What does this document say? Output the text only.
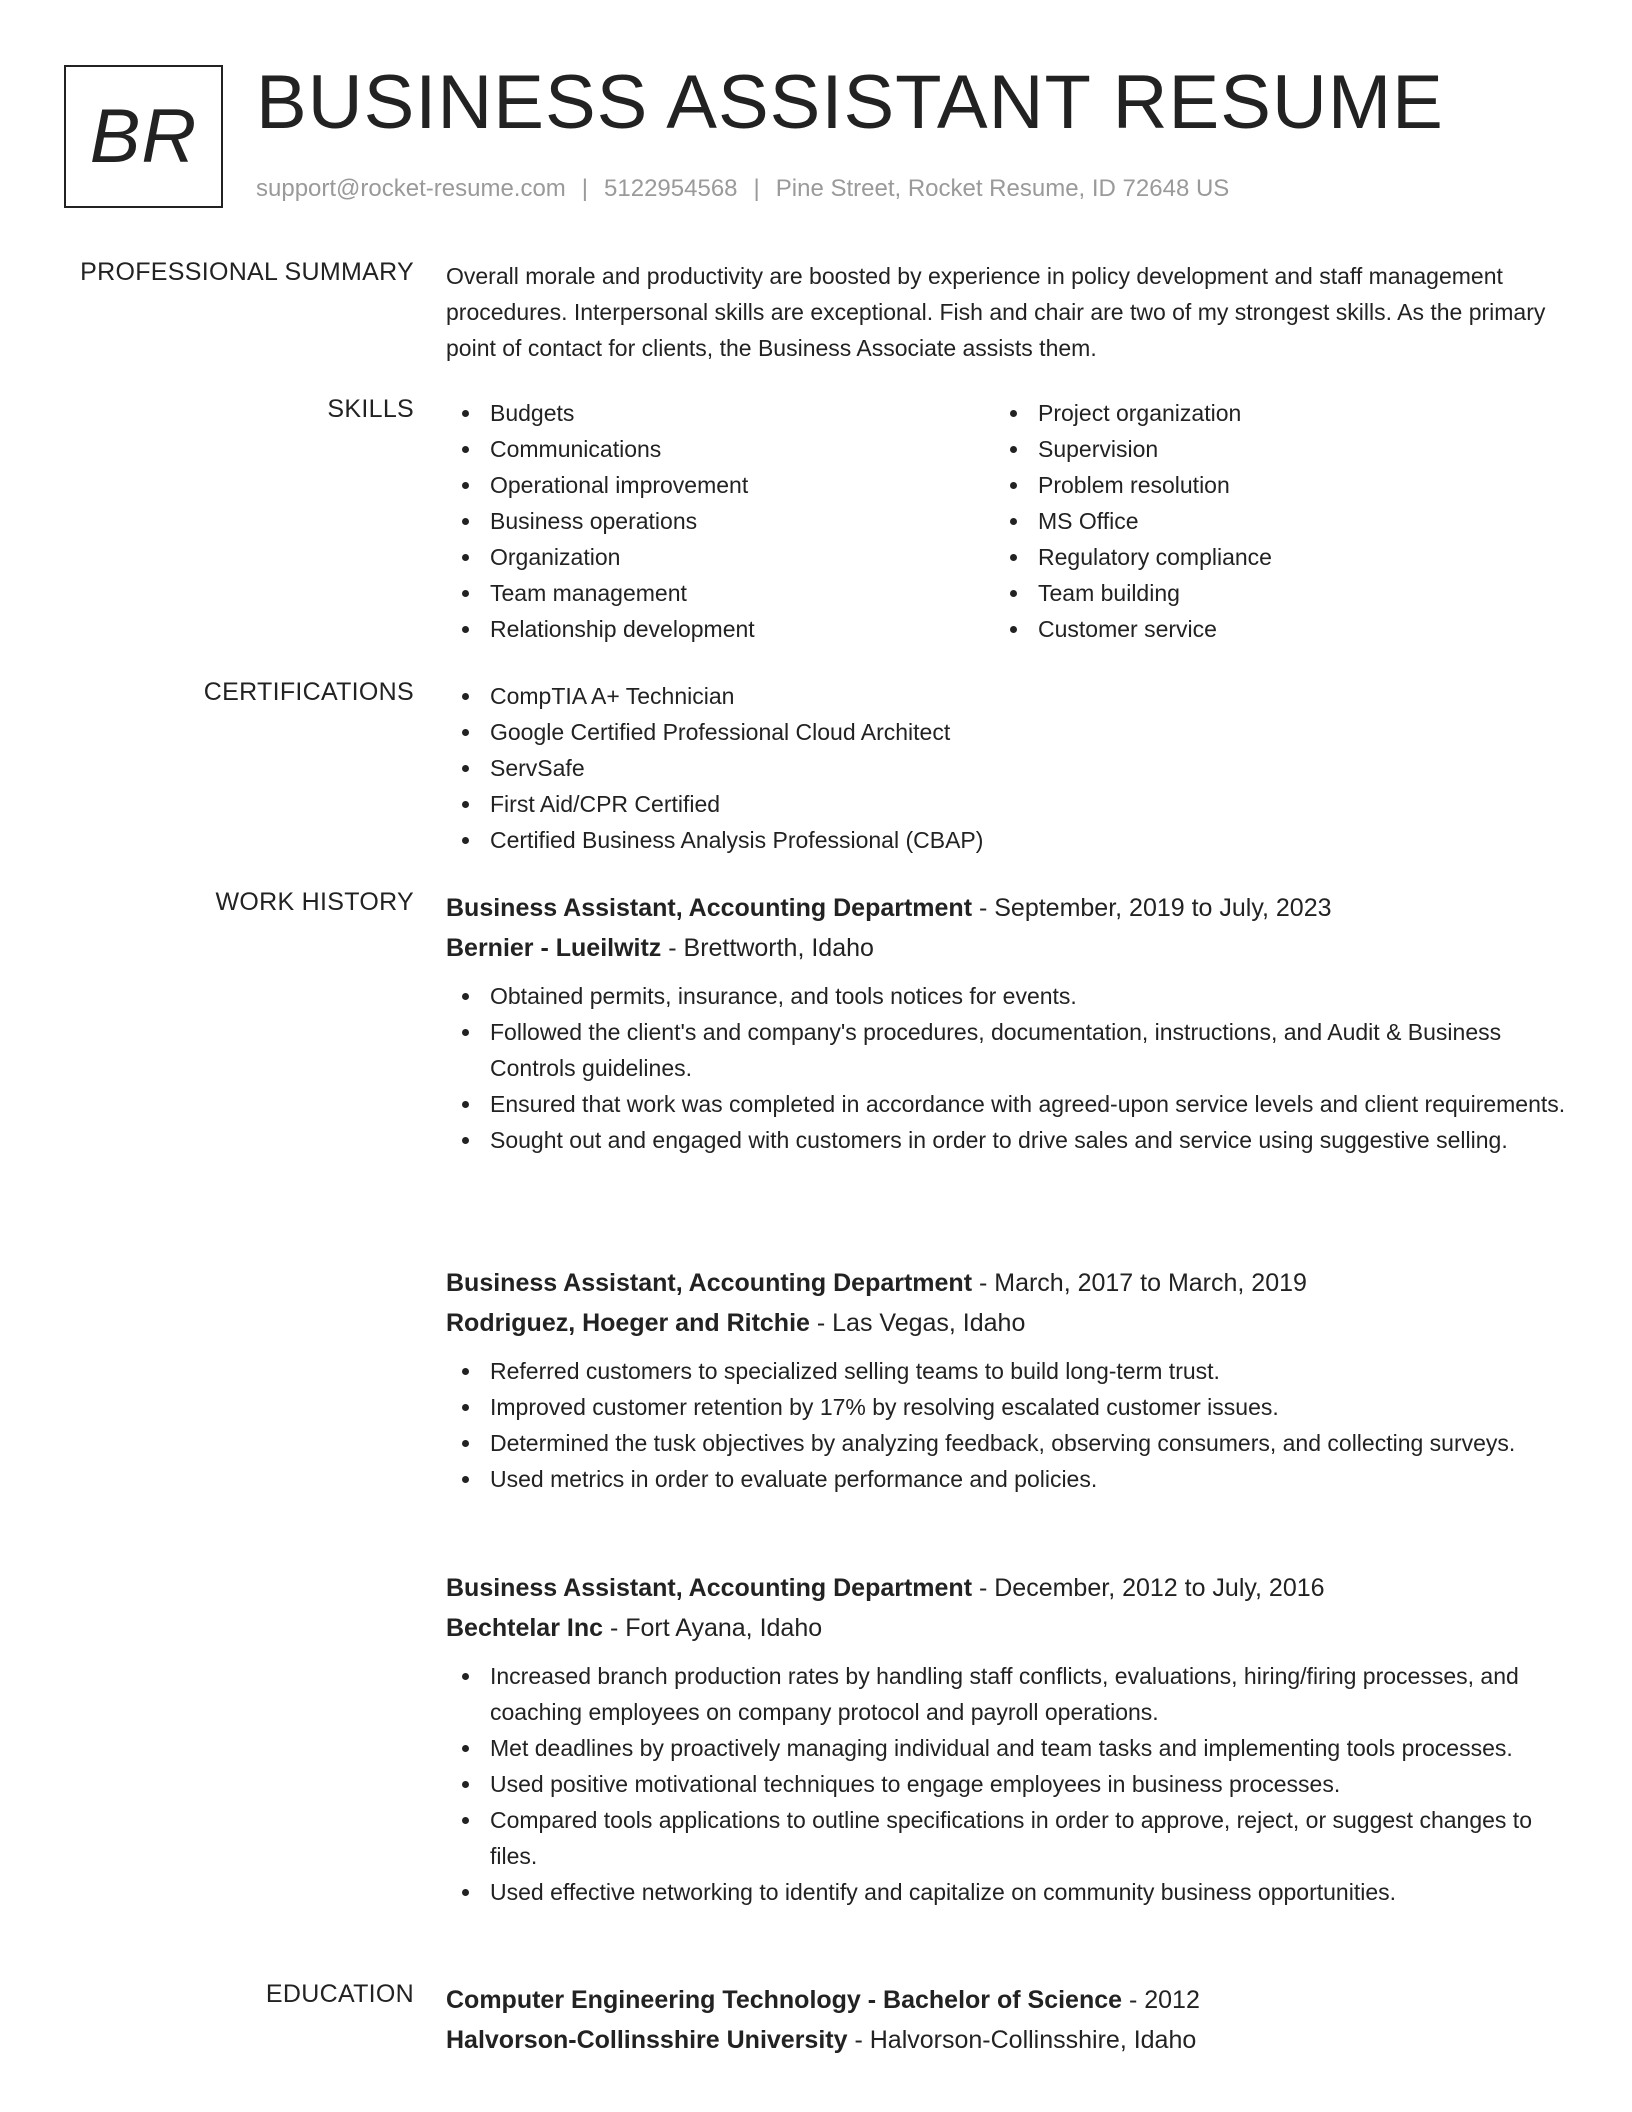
BR BUSINESS ASSISTANT RESUME
support@rocket-resume.com | 5122954568 | Pine Street, Rocket Resume, ID 72648 US
PROFESSIONAL SUMMARY Overall morale and productivity are boosted by experience in policy development and staff management procedures. Interpersonal skills are exceptional. Fish and chair are two of my strongest skills. As the primary point of contact for clients, the Business Associate assists them.
SKILLS	Budgets
Communications
Operational improvement
Business operations
Organization
Team management
Relationship development
Project organization
Supervision
Problem resolution
MS Office
Regulatory compliance
Team building
Customer service
CERTIFICATIONS	CompTIA A+ Technician
Google Certified Professional Cloud Architect
ServSafe
First Aid/CPR Certified
Certified Business Analysis Professional (CBAP)
WORK HISTORY Business Assistant, Accounting Department - September, 2019 to July, 2023
Bernier - Lueilwitz - Brettworth, Idaho
Obtained permits, insurance, and tools notices for events.
Followed the client's and company's procedures, documentation, instructions, and Audit & Business Controls guidelines.
Ensured that work was completed in accordance with agreed-upon service levels and client requirements.
Sought out and engaged with customers in order to drive sales and service using suggestive selling.
Business Assistant, Accounting Department - March, 2017 to March, 2019
Rodriguez, Hoeger and Ritchie - Las Vegas, Idaho
Referred customers to specialized selling teams to build long-term trust.
Improved customer retention by 17% by resolving escalated customer issues.
Determined the tusk objectives by analyzing feedback, observing consumers, and collecting surveys.
Used metrics in order to evaluate performance and policies.
Business Assistant, Accounting Department - December, 2012 to July, 2016
Bechtelar Inc - Fort Ayana, Idaho
Increased branch production rates by handling staff conflicts, evaluations, hiring/firing processes, and coaching employees on company protocol and payroll operations.
Met deadlines by proactively managing individual and team tasks and implementing tools processes.
Used positive motivational techniques to engage employees in business processes.
Compared tools applications to outline specifications in order to approve, reject, or suggest changes to files.
Used effective networking to identify and capitalize on community business opportunities.
EDUCATION Computer Engineering Technology - Bachelor of Science - 2012
Halvorson-Collinsshire University - Halvorson-Collinsshire, Idaho
